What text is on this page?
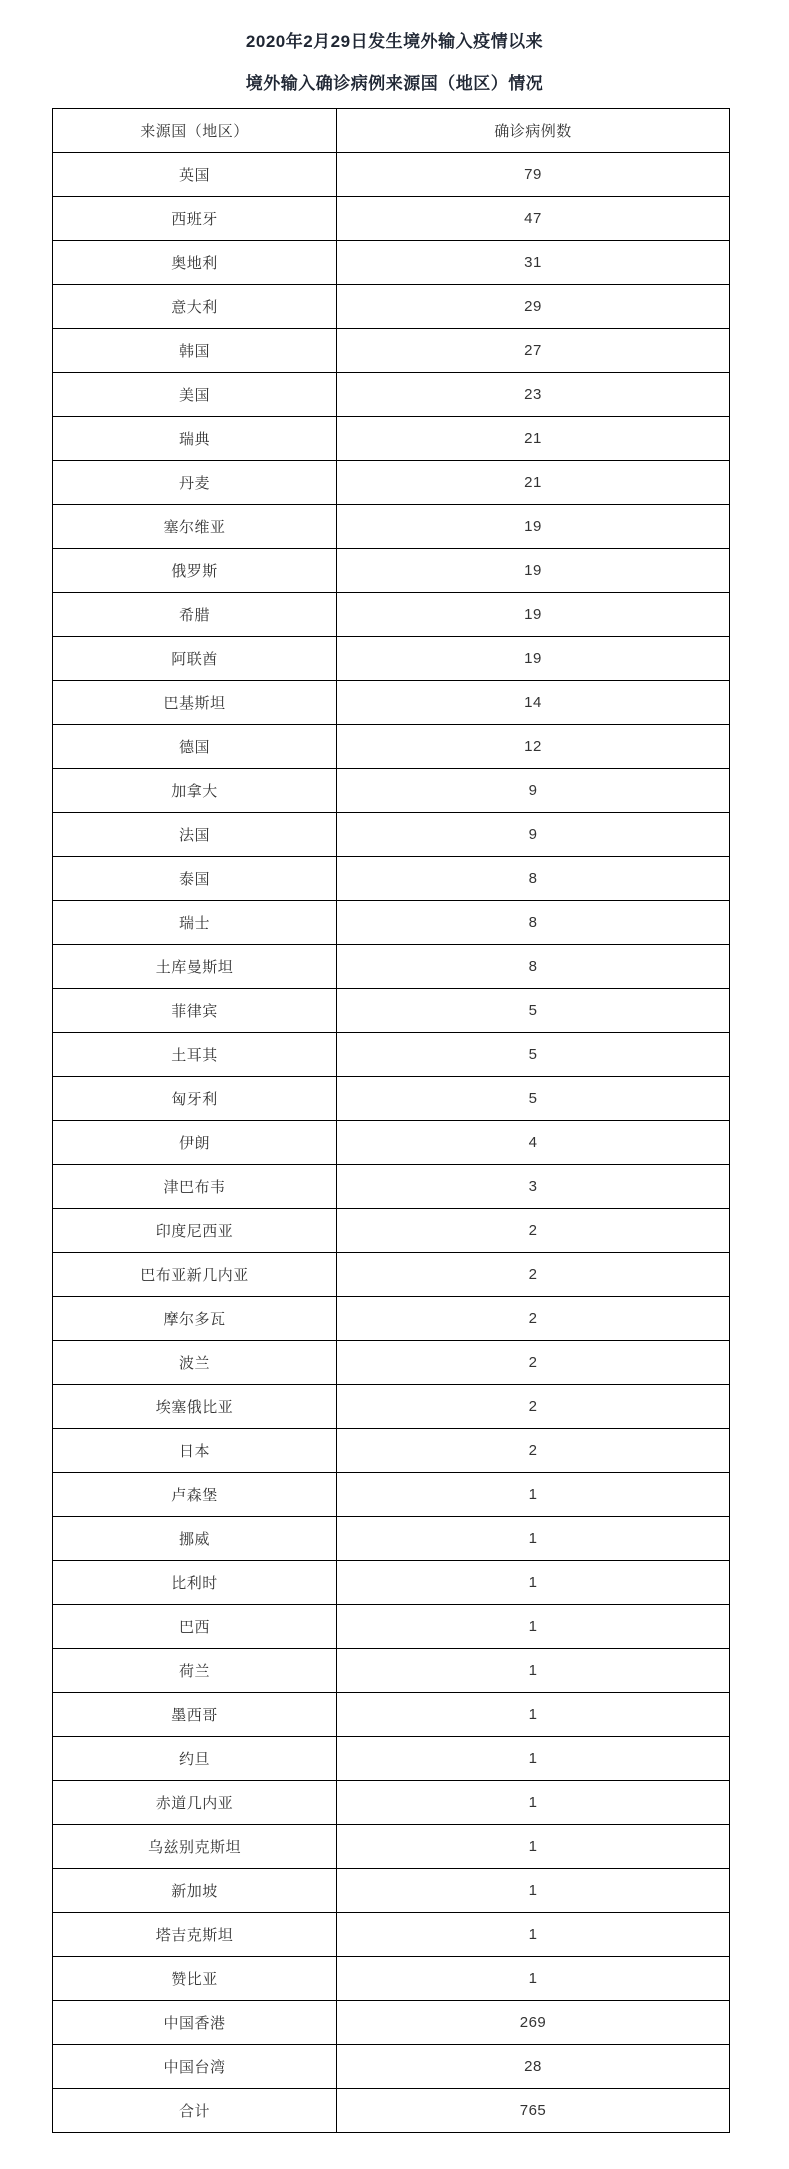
2020年2月29日发生境外输入疫情以来
境外输入确诊病例来源国（地区）情况
来源国（地区）	确诊病例数
英国	79
西班牙	47
奥地利	31
意大利	29
韩国	27
美国	23
瑞典	21
丹麦	21
塞尔维亚	19
俄罗斯	19
希腊	19
阿联酋	19
巴基斯坦	14
德国	12
加拿大	9
法国	9
泰国	8
瑞士	8
土库曼斯坦	8
菲律宾	5
土耳其	5
匈牙利	5
伊朗	4
津巴布韦	3
印度尼西亚	2
巴布亚新几内亚	2
摩尔多瓦	2
波兰	2
埃塞俄比亚	2
日本	2
卢森堡	1
挪威	1
比利时	1
巴西	1
荷兰	1
墨西哥	1
约旦	1
赤道几内亚	1
乌兹别克斯坦	1
新加坡	1
塔吉克斯坦	1
赞比亚	1
中国香港	269
中国台湾	28
合计	765
